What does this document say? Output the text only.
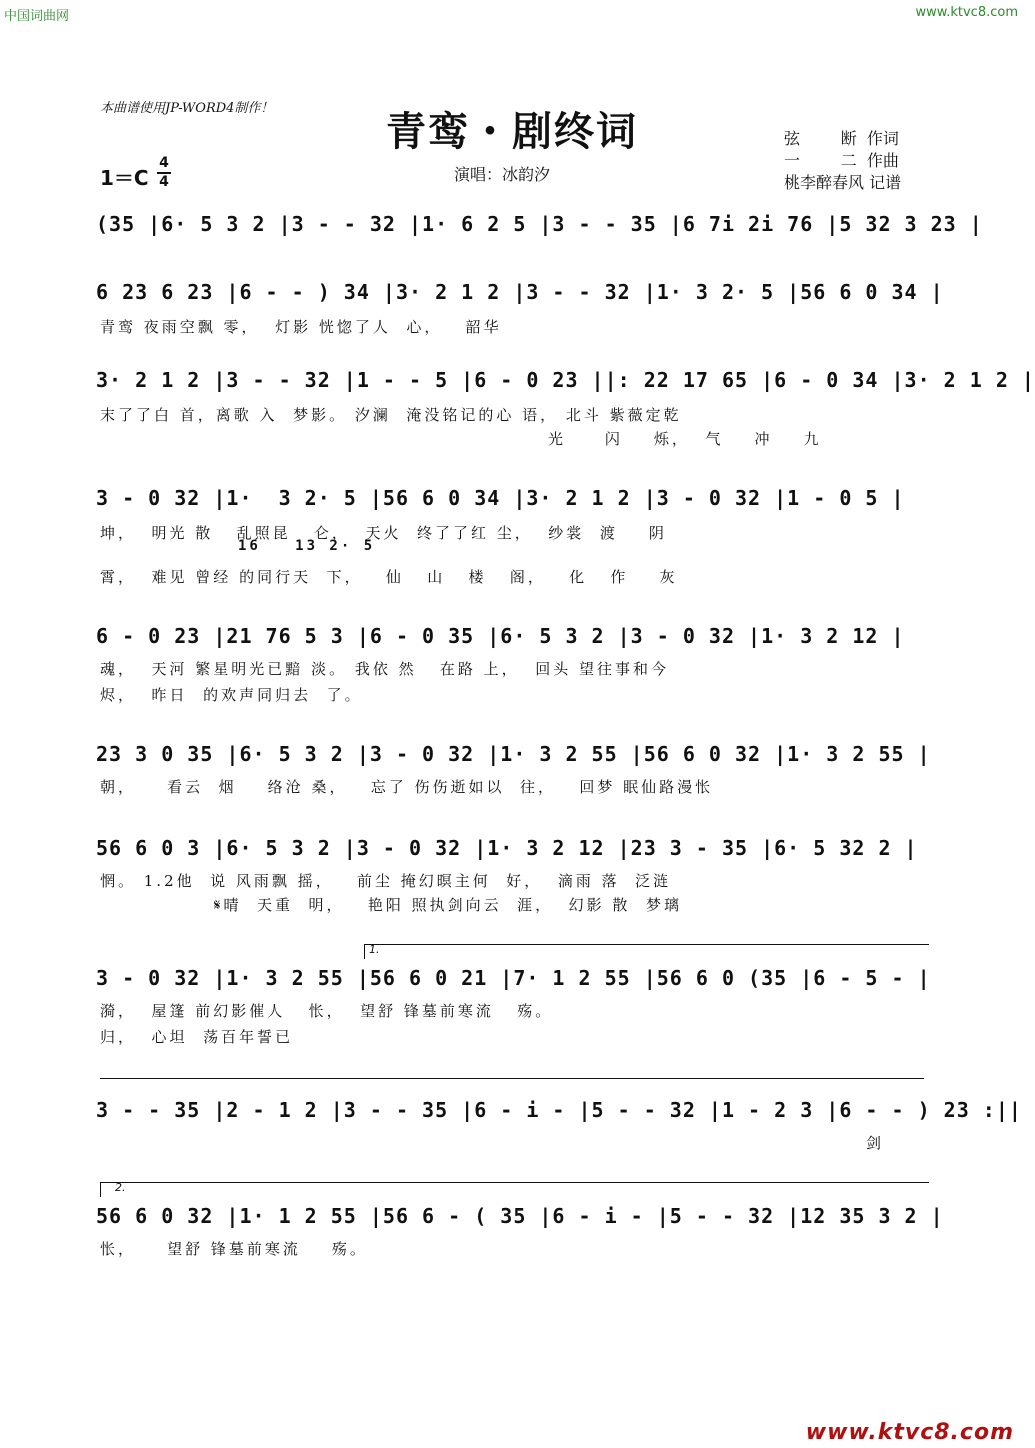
中国词曲网	www.ktvc8.com
本曲谱使用JP-WORD4制作！	青鸾・剧终词	弦        断  作词
一        二  作曲
桃李醉春风 记谱
1＝C
4
4	演唱：冰韵汐
(35 |6· 5 3 2 |3 - - 32 |1· 6 2 5 |3 - - 35 |6 7i 2i 76 |5 32 3 23 |
6 23 6 23 |6 - - ) 34 |3· 2 1 2 |3 - - 32 |1· 3 2· 5 |56 6 0 34 |
青鸾 夜雨空飘 零，  灯影 恍惚了人  心，   韶华
3· 2 1 2 |3 - - 32 |1 - - 5 |6 - 0 23 ||: 22 17 65 |6 - 0 34 |3· 2 1 2 |
末了了白 首，离歌 入  梦影。 汐澜  淹没铭记的心 语， 北斗 紫薇定乾
光     闪    烁，  气    冲    九
3 - 0 32 |1·  3 2· 5 |56 6 0 34 |3· 2 1 2 |3 - 0 32 |1 - 0 5 |
坤，  明光 散   乱照昆   仑，  天火  终了了红 尘，  纱裳  渡    阴
16   13 2· 5
霄，  难见 曾经 的同行天  下，   仙   山   楼   阁，   化   作    灰
6 - 0 23 |21 76 5 3 |6 - 0 35 |6· 5 3 2 |3 - 0 32 |1· 3 2 12 |
魂，  天河 繁星明光已黯 淡。 我依 然   在路 上，  回头 望往事和今
烬，  昨日  的欢声同归去  了。
23 3 0 35 |6· 5 3 2 |3 - 0 32 |1· 3 2 55 |56 6 0 32 |1· 3 2 55 |
朝，    看云  烟    络沧 桑，   忘了 伤伤逝如以  往，   回梦 眠仙路漫怅
56 6 0 3 |6· 5 3 2 |3 - 0 32 |1· 3 2 12 |23 3 - 35 |6· 5 32 2 |
惘。 1.2他  说 风雨飘 摇，   前尘 掩幻暝主何  好，  滴雨 落  泛涟
𝄋晴  天重  明，   艳阳 照执剑向云  涯，  幻影 散  梦璃
1.
3 - 0 32 |1· 3 2 55 |56 6 0 21 |7· 1 2 55 |56 6 0 (35 |6 - 5 - |
漪，  屋篷 前幻影催人   怅，  望舒 锋墓前寒流   殇。
归，  心坦  荡百年誓已
3 - - 35 |2 - 1 2 |3 - - 35 |6 - i - |5 - - 32 |1 - 2 3 |6 - - ) 23 :||
剑
2.
56 6 0 32 |1· 1 2 55 |56 6 - ( 35 |6 - i - |5 - - 32 |12 35 3 2 |
怅，    望舒 锋墓前寒流    殇。
www.ktvc8.com
